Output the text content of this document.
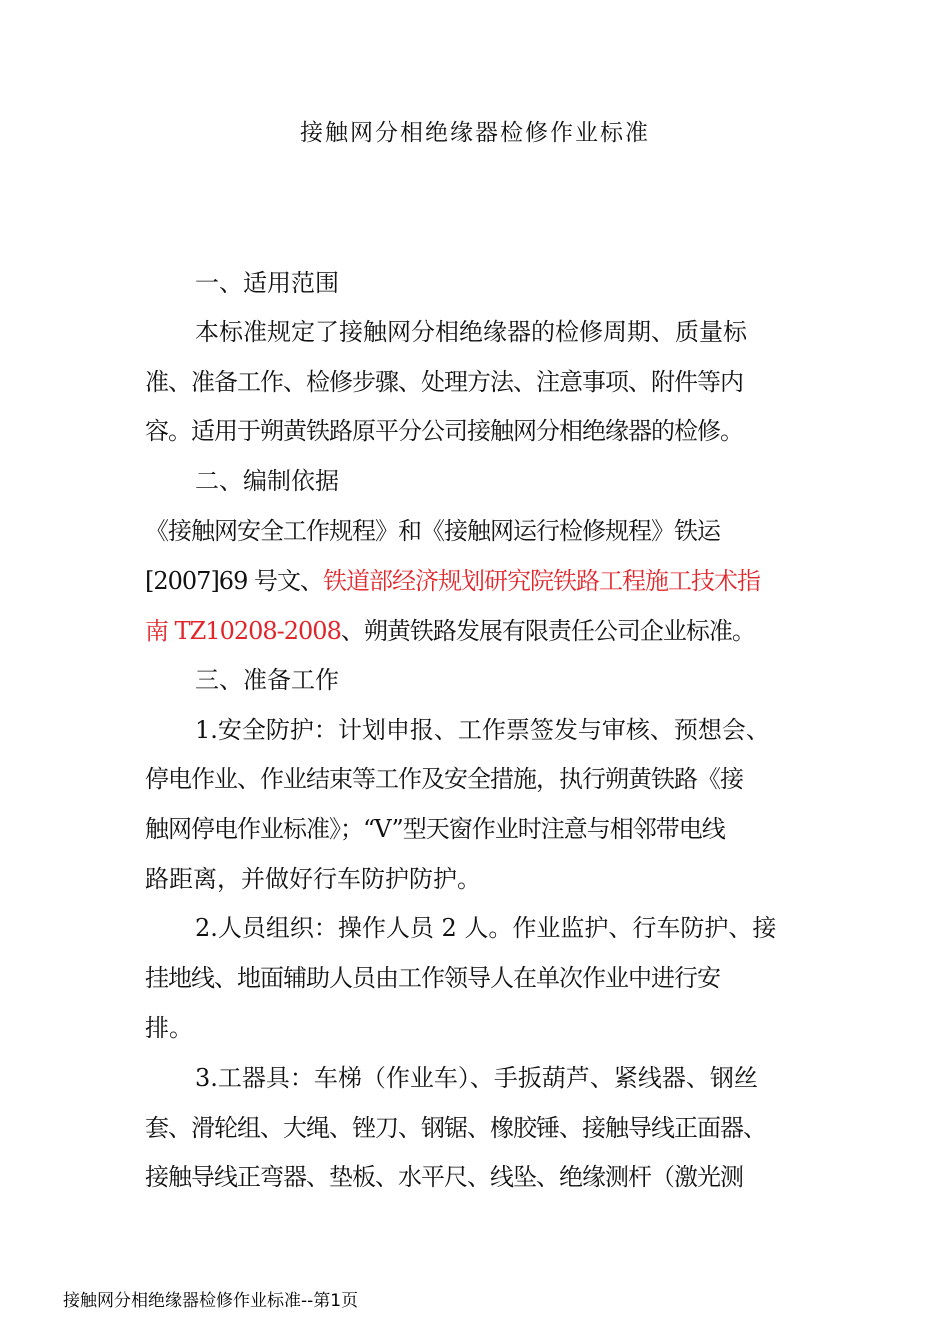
接触网分相绝缘器检修作业标准
一、适用范围
本标准规定了接触网分相绝缘器的检修周期、质量标
准、准备工作、检修步骤、处理方法、注意事项、附件等内
容。适用于朔黄铁路原平分公司接触网分相绝缘器的检修。
二、编制依据
《接触网安全工作规程》和《接触网运行检修规程》铁运
[2007]69 号文、铁道部经济规划研究院铁路工程施工技术指
南 TZ10208-2008、朔黄铁路发展有限责任公司企业标准。
三、准备工作
1.安全防护：计划申报、工作票签发与审核、预想会、
停电作业、作业结束等工作及安全措施，执行朔黄铁路《接
触网停电作业标准》；“V”型天窗作业时注意与相邻带电线
路距离，并做好行车防护防护。
2.人员组织：操作人员 2 人。作业监护、行车防护、接
挂地线、地面辅助人员由工作领导人在单次作业中进行安
排。
3.工器具：车梯（作业车）、手扳葫芦、紧线器、钢丝
套、滑轮组、大绳、锉刀、钢锯、橡胶锤、接触导线正面器、
接触导线正弯器、垫板、水平尺、线坠、绝缘测杆（激光测
接触网分相绝缘器检修作业标准--第1页
